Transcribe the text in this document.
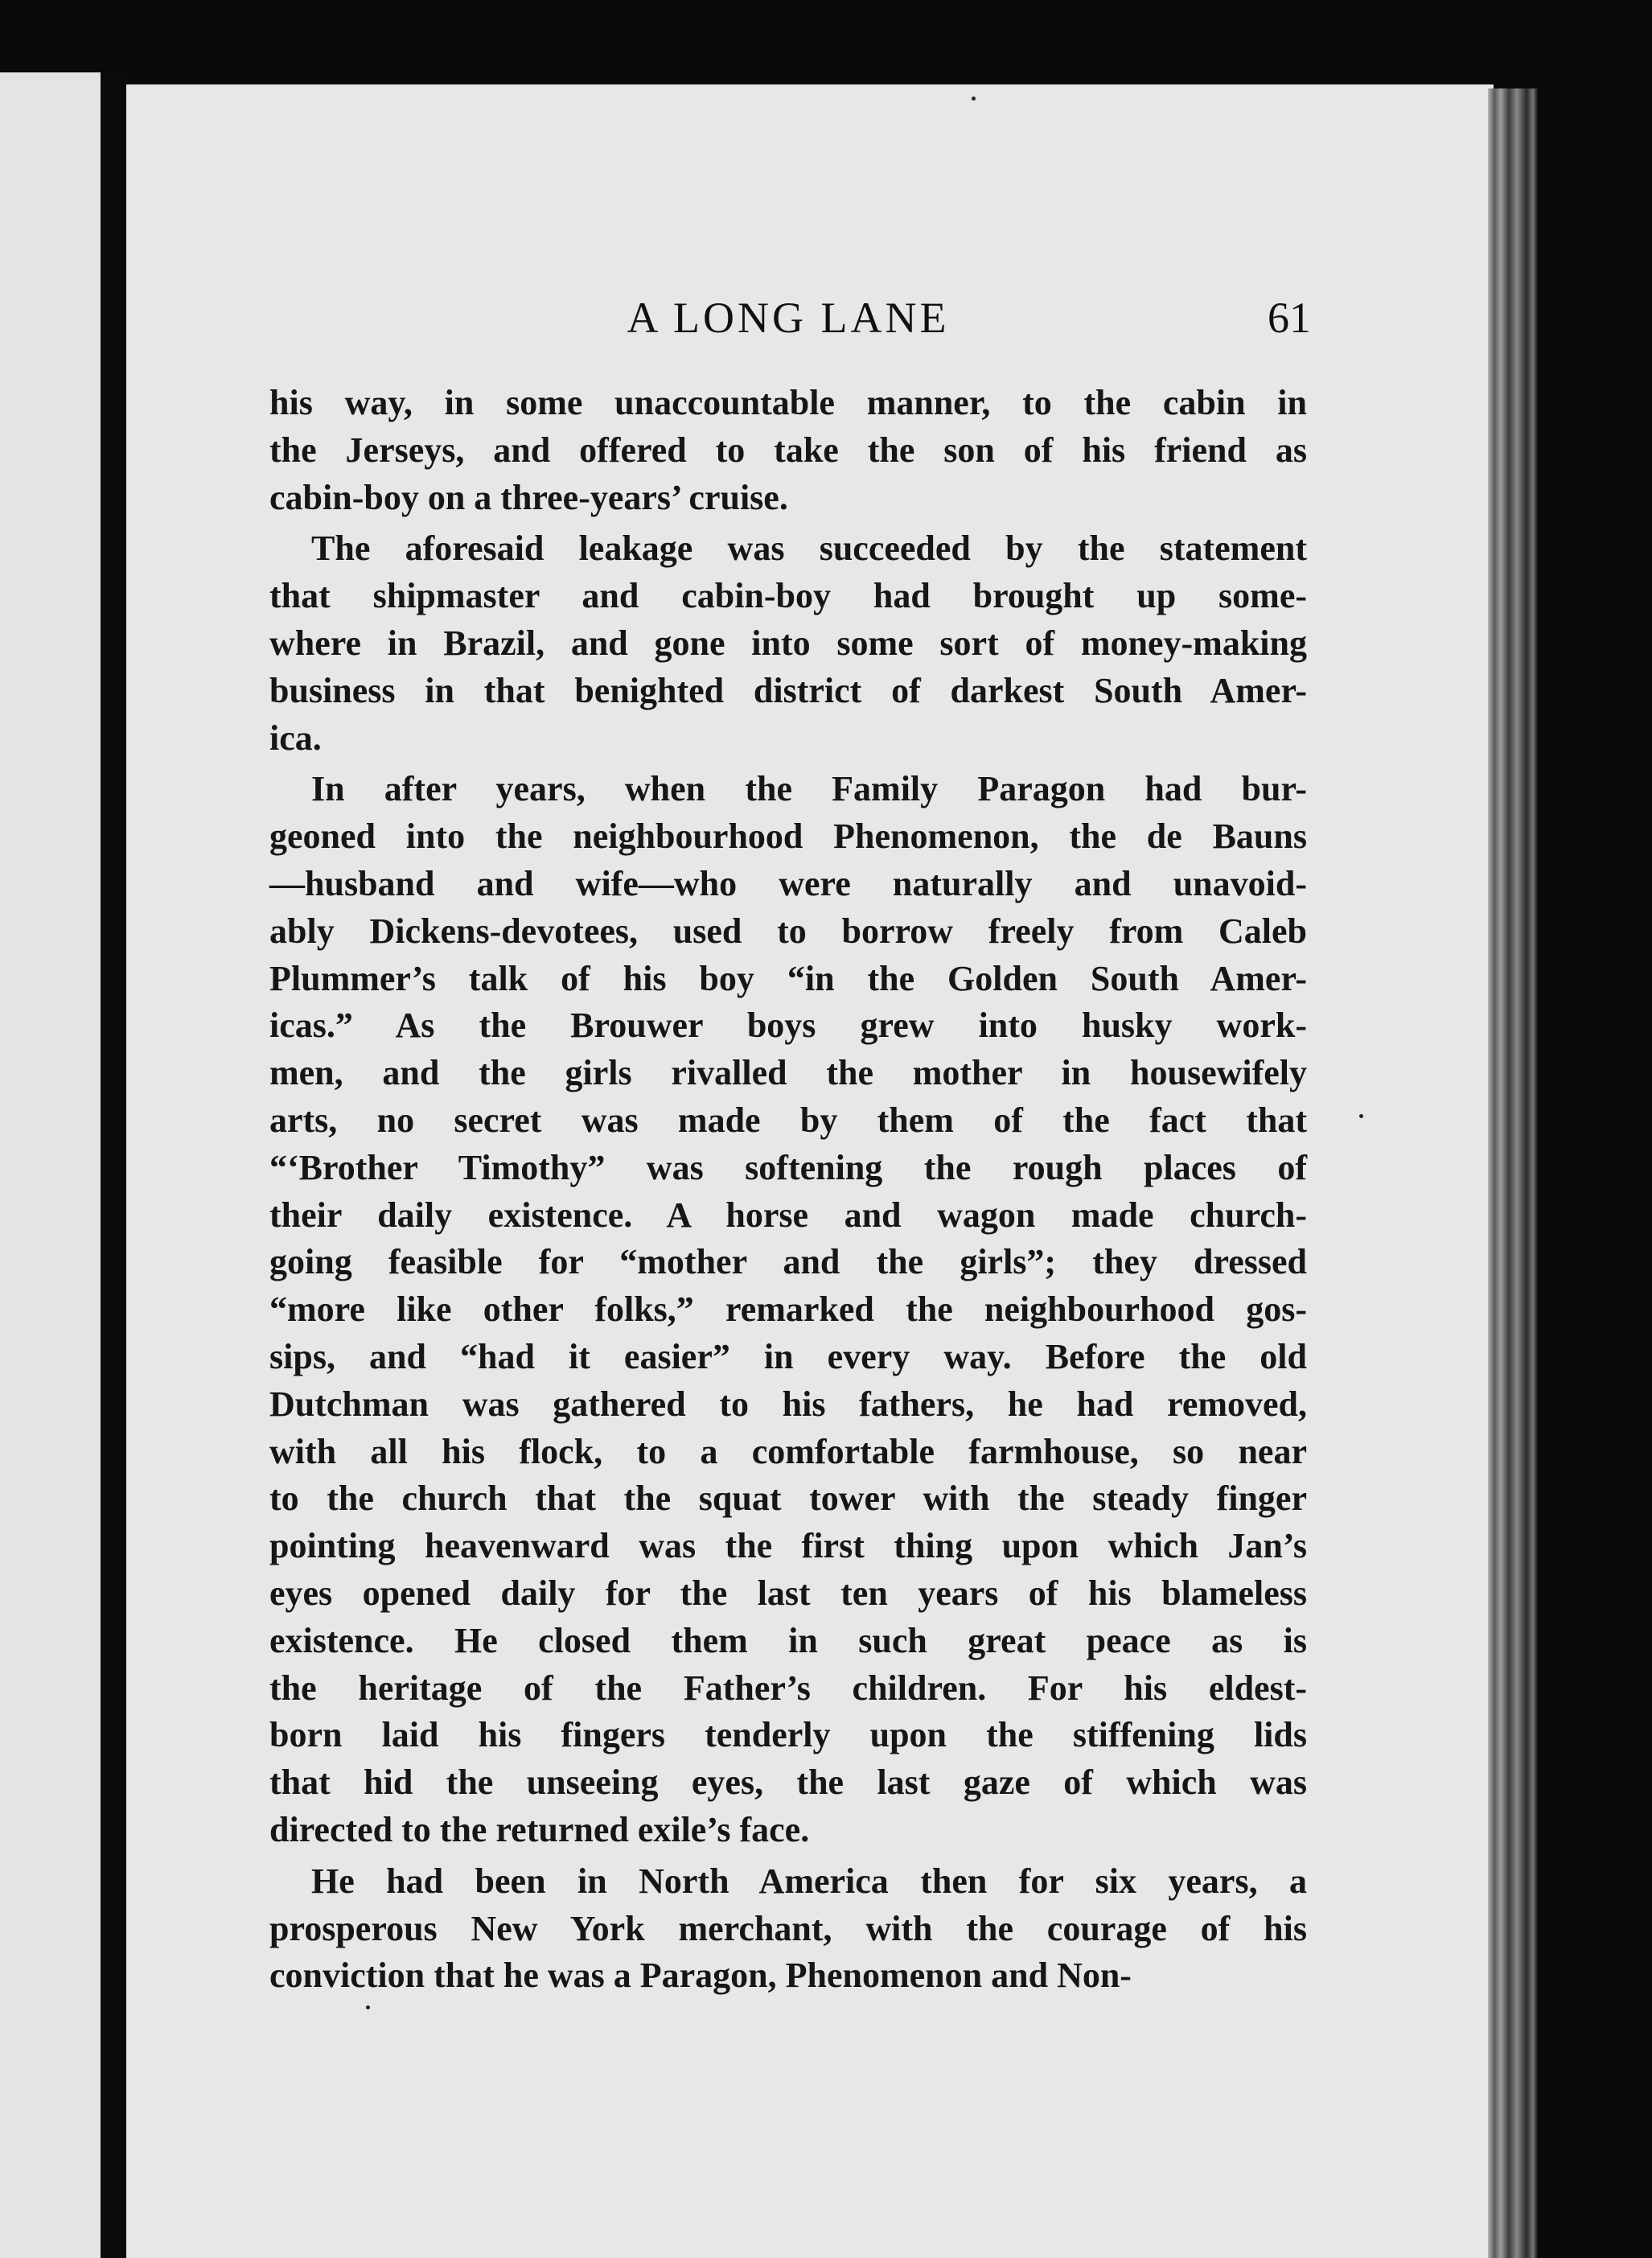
A LONG LANE	61
his way, in some unaccountable manner, to the cabin in
the Jerseys, and offered to take the son of his friend as
cabin-boy on a three-years’ cruise.
The aforesaid leakage was succeeded by the statement
that shipmaster and cabin-boy had brought up some-
where in Brazil, and gone into some sort of money-making
business in that benighted district of darkest South Amer-
ica.
In after years, when the Family Paragon had bur-
geoned into the neighbourhood Phenomenon, the de Bauns
—husband and wife—who were naturally and unavoid-
ably Dickens-devotees, used to borrow freely from Caleb
Plummer’s talk of his boy “in the Golden South Amer-
icas.” As the Brouwer boys grew into husky work-
men, and the girls rivalled the mother in housewifely
arts, no secret was made by them of the fact that
“‘Brother Timothy” was softening the rough places of
their daily existence. A horse and wagon made church-
going feasible for “mother and the girls”; they dressed
“more like other folks,” remarked the neighbourhood gos-
sips, and “had it easier” in every way. Before the old
Dutchman was gathered to his fathers, he had removed,
with all his flock, to a comfortable farmhouse, so near
to the church that the squat tower with the steady finger
pointing heavenward was the first thing upon which Jan’s
eyes opened daily for the last ten years of his blameless
existence. He closed them in such great peace as is
the heritage of the Father’s children. For his eldest-
born laid his fingers tenderly upon the stiffening lids
that hid the unseeing eyes, the last gaze of which was
directed to the returned exile’s face.
He had been in North America then for six years, a
prosperous New York merchant, with the courage of his
conviction that he was a Paragon, Phenomenon and Non-
